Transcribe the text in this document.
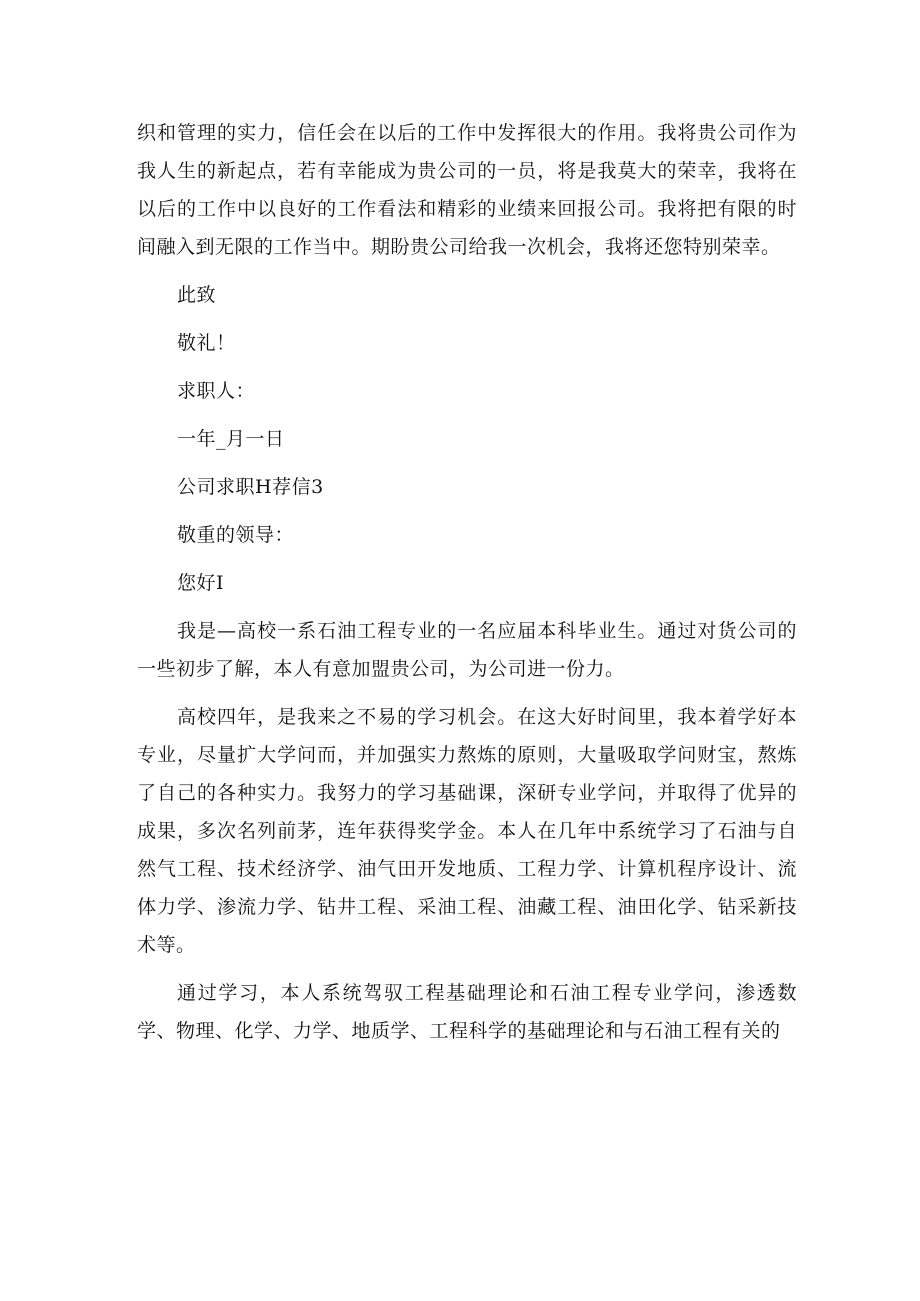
织和管理的实力，信任会在以后的工作中发挥很大的作用。我将贵公司作为我人生的新起点，若有幸能成为贵公司的一员，将是我莫大的荣幸，我将在以后的工作中以良好的工作看法和精彩的业绩来回报公司。我将把有限的时间融入到无限的工作当中。期盼贵公司给我一次机会，我将还您特别荣幸。

此致

敬礼！

求职人：

一年_月一日

公司求职H荐信3

敬重的领导：

您好I

我是—高校一系石油工程专业的一名应届本科毕业生。通过对货公司的一些初步了解，本人有意加盟贵公司，为公司进一份力。

高校四年，是我来之不易的学习机会。在这大好时间里，我本着学好本专业，尽量扩大学问而，并加强实力熬炼的原则，大量吸取学问财宝，熬炼了自己的各种实力。我努力的学习基础课，深研专业学问，并取得了优异的成果，多次名列前茅，连年获得奖学金。本人在几年中系统学习了石油与自然气工程、技术经济学、油气田开发地质、工程力学、计算机程序设计、流体力学、渗流力学、钻井工程、采油工程、油藏工程、油田化学、钻采新技术等。

通过学习，本人系统驾驭工程基础理论和石油工程专业学问，渗透数学、物理、化学、力学、地质学、工程科学的基础理论和与石油工程有关的
